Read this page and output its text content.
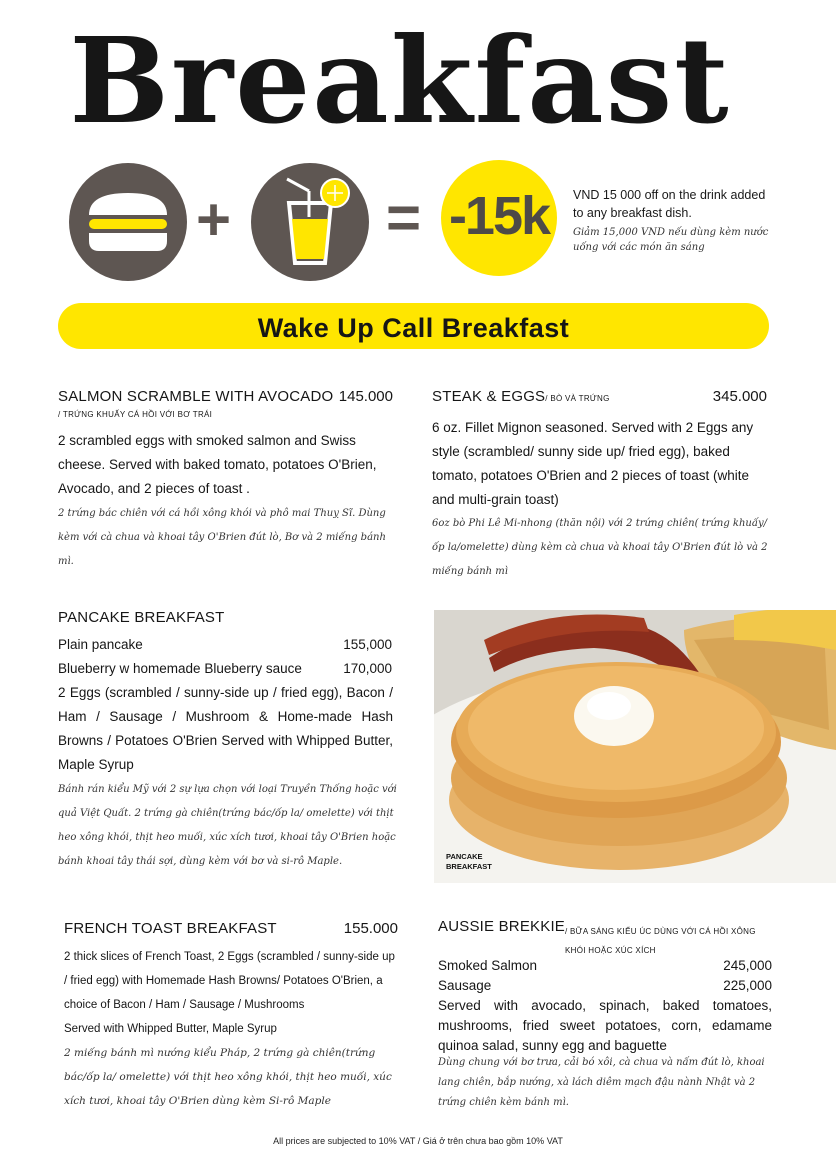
Breakfast
+	= -15k	VND 15 000 off on the drink added to any breakfast dish.
Giảm 15,000 VND nếu dùng kèm nước uống với các món ăn sáng
Wake Up Call Breakfast
SALMON SCRAMBLE WITH AVOCADO 145.000
/ TRỨNG KHUẤY CÁ HỒI VỚI BƠ TRÁI
2 scrambled eggs with smoked salmon and Swiss cheese. Served with baked tomato, potatoes O'Brien, Avocado, and 2 pieces of toast .
2 trứng bác chiên với cá hồi xông khói và phô mai Thuỵ Sĩ. Dùng kèm với cà chua và khoai tây O'Brien đút lò, Bơ và 2 miếng bánh mì.
STEAK & EGGS/ BÒ VÀ TRỨNG	345.000
6 oz. Fillet Mignon seasoned. Served with 2 Eggs any style (scrambled/ sunny side up/ fried egg), baked tomato, potatoes O'Brien and 2 pieces of toast (white and multi-grain toast)
6oz bò Phi Lê Mi-nhong (thăn nội) với 2 trứng chiên( trứng khuấy/ốp la/omelette) dùng kèm cà chua và khoai tây O'Brien đút lò và 2 miếng bánh mì
PANCAKE BREAKFAST
Plain pancake	155,000
Blueberry w homemade Blueberry sauce	170,000
2 Eggs (scrambled / sunny-side up / fried egg), Bacon / Ham / Sausage / Mushroom & Home-made Hash Browns / Potatoes O'Brien Served with Whipped Butter, Maple Syrup
Bánh rán kiểu Mỹ với 2 sự lựa chọn với loại Truyền Thống hoặc với quả Việt Quất. 2 trứng gà chiên(trứng bác/ốp la/ omelette) với thịt heo xông khói, thịt heo muối, xúc xích tươi, khoai tây O'Brien hoặc bánh khoai tây thái sợi, dùng kèm với bơ và si-rô Maple.	PANCAKE BREAKFAST
FRENCH TOAST BREAKFAST	155.000
2 thick slices of French Toast, 2 Eggs (scrambled / sunny-side up / fried egg) with Homemade Hash Browns/ Potatoes O'Brien, a choice of Bacon / Ham / Sausage / Mushrooms
Served with Whipped Butter, Maple Syrup
2 miếng bánh mì nướng kiểu Pháp, 2 trứng gà chiên(trứng bác/ốp la/ omelette) với thịt heo xông khói, thịt heo muối, xúc xích tươi, khoai tây O'Brien dùng kèm Si-rô Maple
AUSSIE BREKKIE / BỮA SÁNG KIỂU ÚC DÙNG VỚI CÁ HỒI XÔNG KHÓI HOẶC XÚC XÍCH
Smoked Salmon	245,000
Sausage	225,000
Served with avocado, spinach, baked tomatoes, mushrooms, fried sweet potatoes, corn, edamame quinoa salad, sunny egg and baguette
Dùng chung với bơ trưa, cải bó xôi, cà chua và nấm đút lò, khoai lang chiên, bắp nướng, xà lách diêm mạch đậu nành Nhật và 2 trứng chiên kèm bánh mì.
All prices are subjected to 10% VAT / Giá ở trên chưa bao gồm 10% VAT
